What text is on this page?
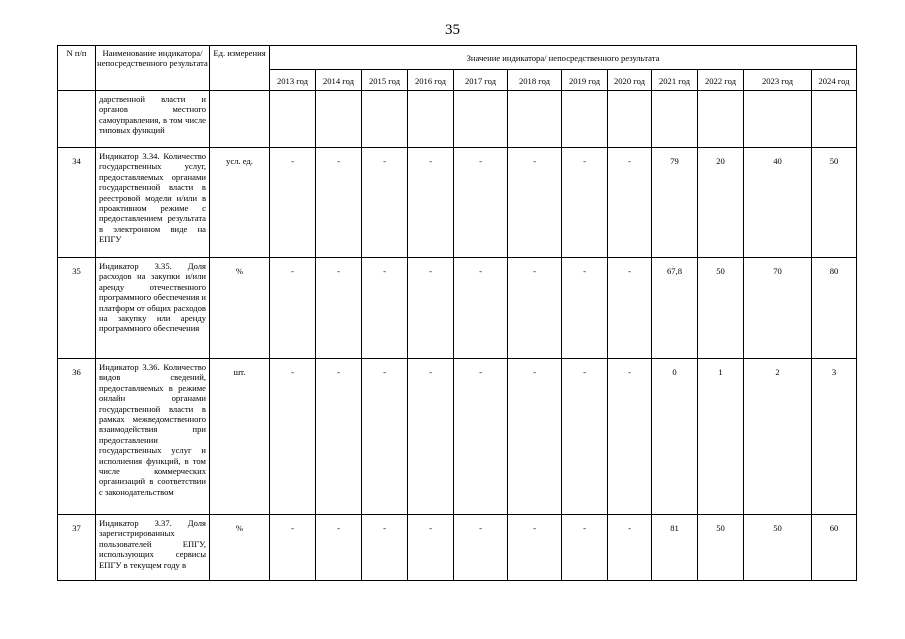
35
N п/п	Наименование индикатора/непосредственного результата	Ед. измерения	Значение индикатора/ непосредственного результата											
			2013 год	2014 год	2015 год	2016 год	2017 год	2018 год	2019 год	2020 год	2021 год	2022 год	2023 год	2024 год
	дарственной власти и органов местного самоуправления, в том числе типовых функций													
34	Индикатор 3.34. Количество государственных услуг, предоставляемых органами государственной власти в реестровой модели и/или в проактивном режиме с предоставлением результата в электронном виде на ЕПГУ	усл. ед.	-	-	-	-	-	-	-	-	79	20	40	50
35	Индикатор 3.35. Доля расходов на закупки и/или аренду отечественного программного обеспечения и платформ от общих расходов на закупку или аренду программного обеспечения	%	-	-	-	-	-	-	-	-	67,8	50	70	80
36	Индикатор 3.36. Количество видов сведений, предоставляемых в режиме онлайн органами государственной власти в рамках межведомственного взаимодействия при предоставлении государственных услуг и исполнения функций, в том числе коммерческих организаций в соответствии с законодательством	шт.	-	-	-	-	-	-	-	-	0	1	2	3
37	Индикатор 3.37. Доля зарегистрированных пользователей ЕПГУ, использующих сервисы ЕПГУ в текущем году в	%	-	-	-	-	-	-	-	-	81	50	50	60
